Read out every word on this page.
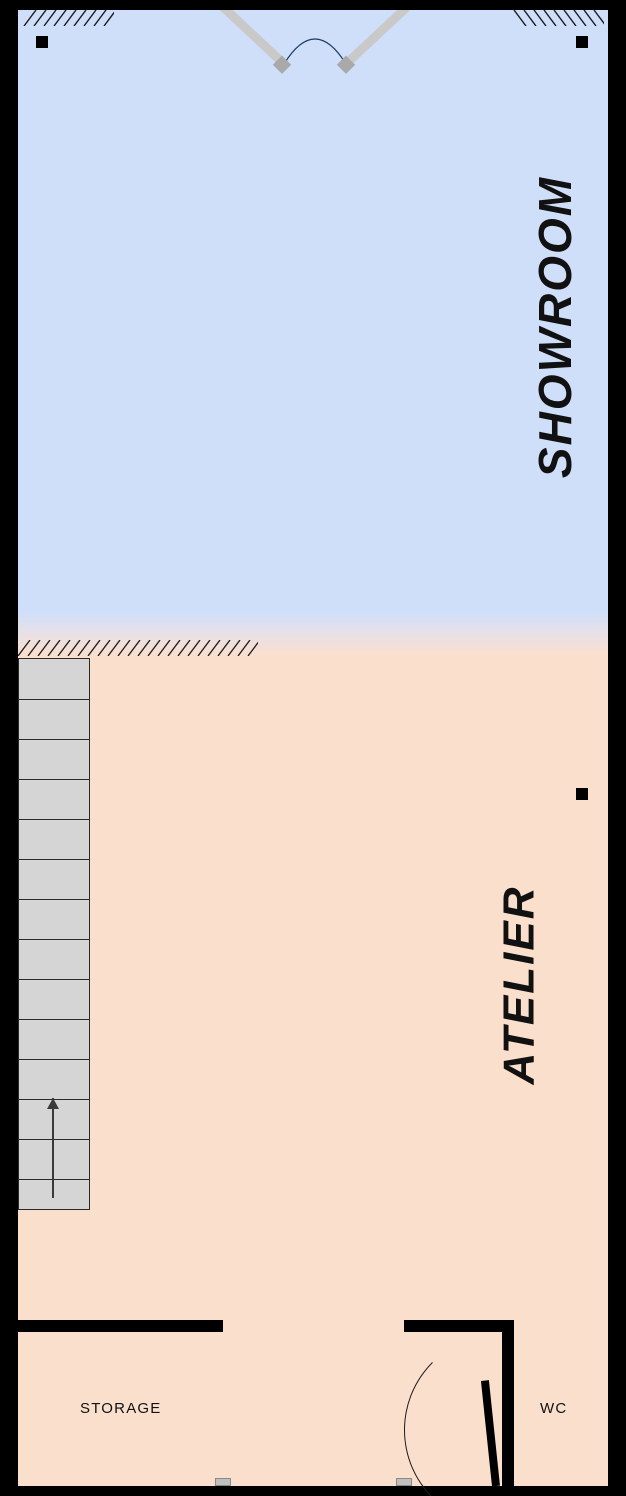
SHOWROOM
ATELIER
STORAGE	WC
